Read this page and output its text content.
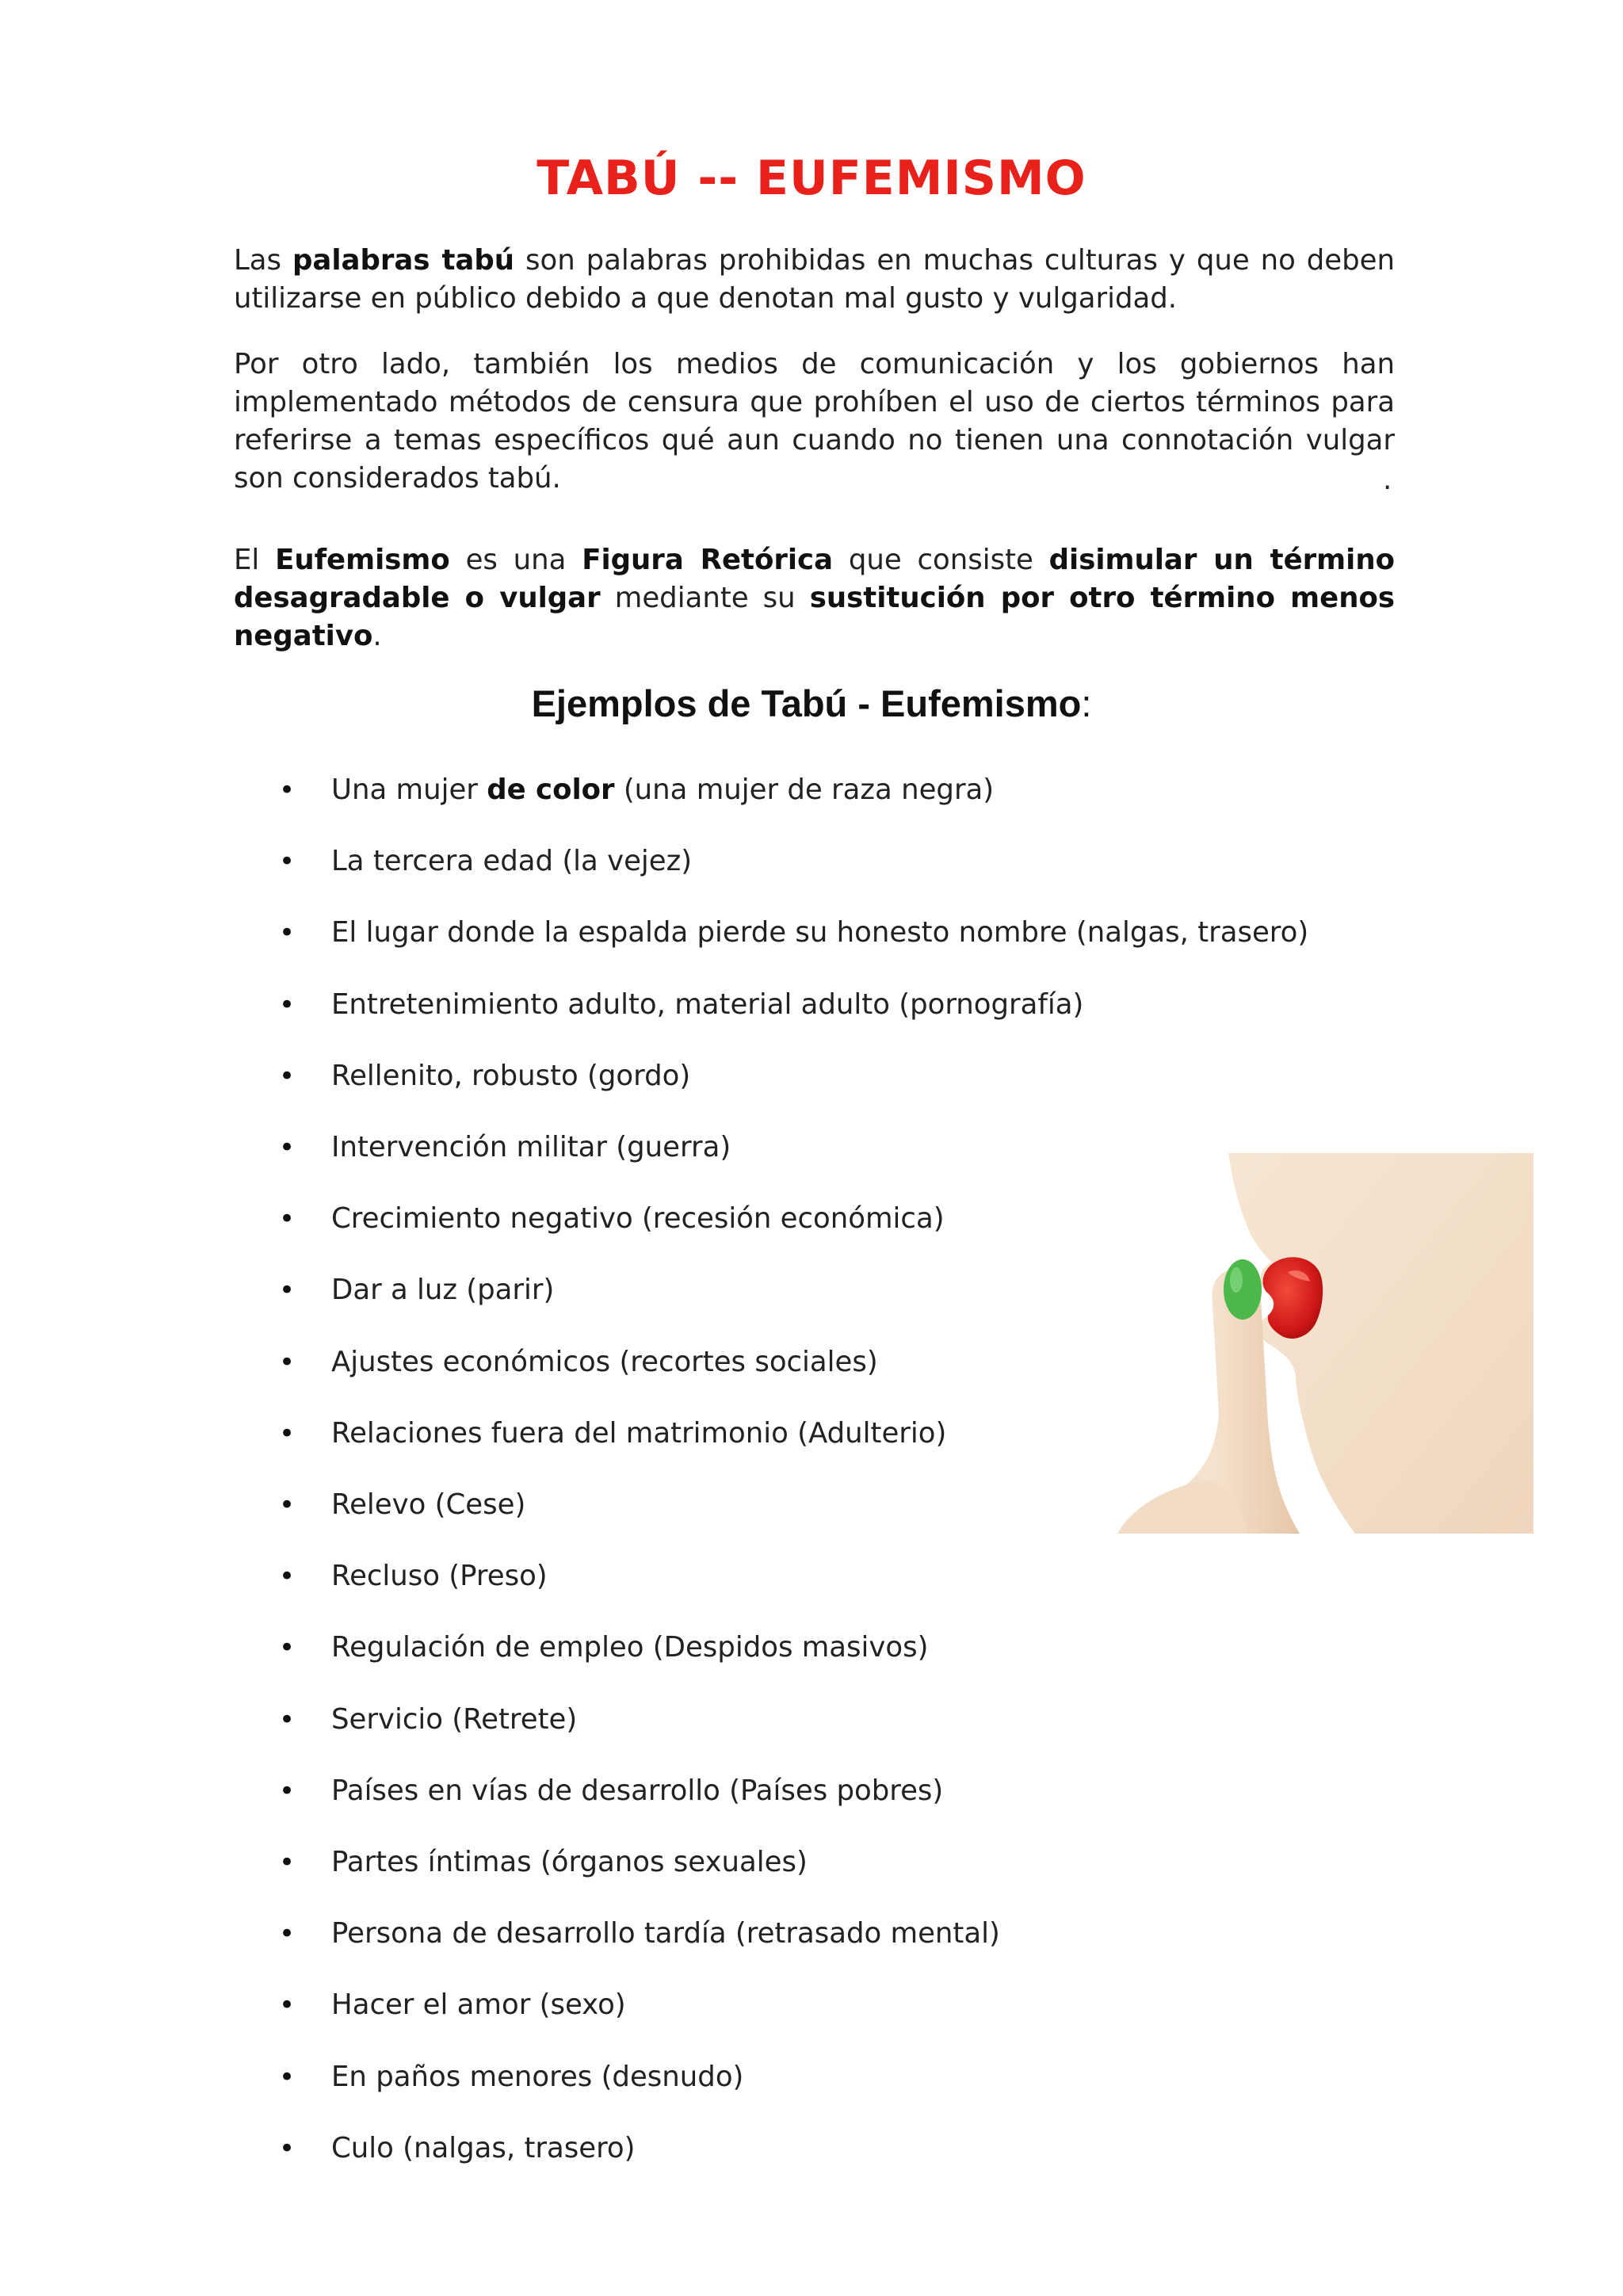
TABÚ -- EUFEMISMO

Las palabras tabú son palabras prohibidas en muchas culturas y que no deben utilizarse en público debido a que denotan mal gusto y vulgaridad.

Por otro lado, también los medios de comunicación y los gobiernos han implementado métodos de censura que prohíben el uso de ciertos términos para referirse a temas específicos qué aun cuando no tienen una connotación vulgar son considerados tabú.	.

El Eufemismo es una Figura Retórica que consiste disimular un término desagradable o vulgar mediante su sustitución por otro término menos negativo.

Ejemplos de Tabú - Eufemismo:
• Una mujer de color (una mujer de raza negra)
• La tercera edad (la vejez)
• El lugar donde la espalda pierde su honesto nombre (nalgas, trasero)
• Entretenimiento adulto, material adulto (pornografía)
• Rellenito, robusto (gordo)
• Intervención militar (guerra)
• Crecimiento negativo (recesión económica)
• Dar a luz (parir)
• Ajustes económicos (recortes sociales)
• Relaciones fuera del matrimonio (Adulterio)
• Relevo (Cese)
• Recluso (Preso)
• Regulación de empleo (Despidos masivos)
• Servicio (Retrete)
• Países en vías de desarrollo (Países pobres)
• Partes íntimas (órganos sexuales)
• Persona de desarrollo tardía (retrasado mental)
• Hacer el amor (sexo)
• En paños menores (desnudo)
• Culo (nalgas, trasero)
